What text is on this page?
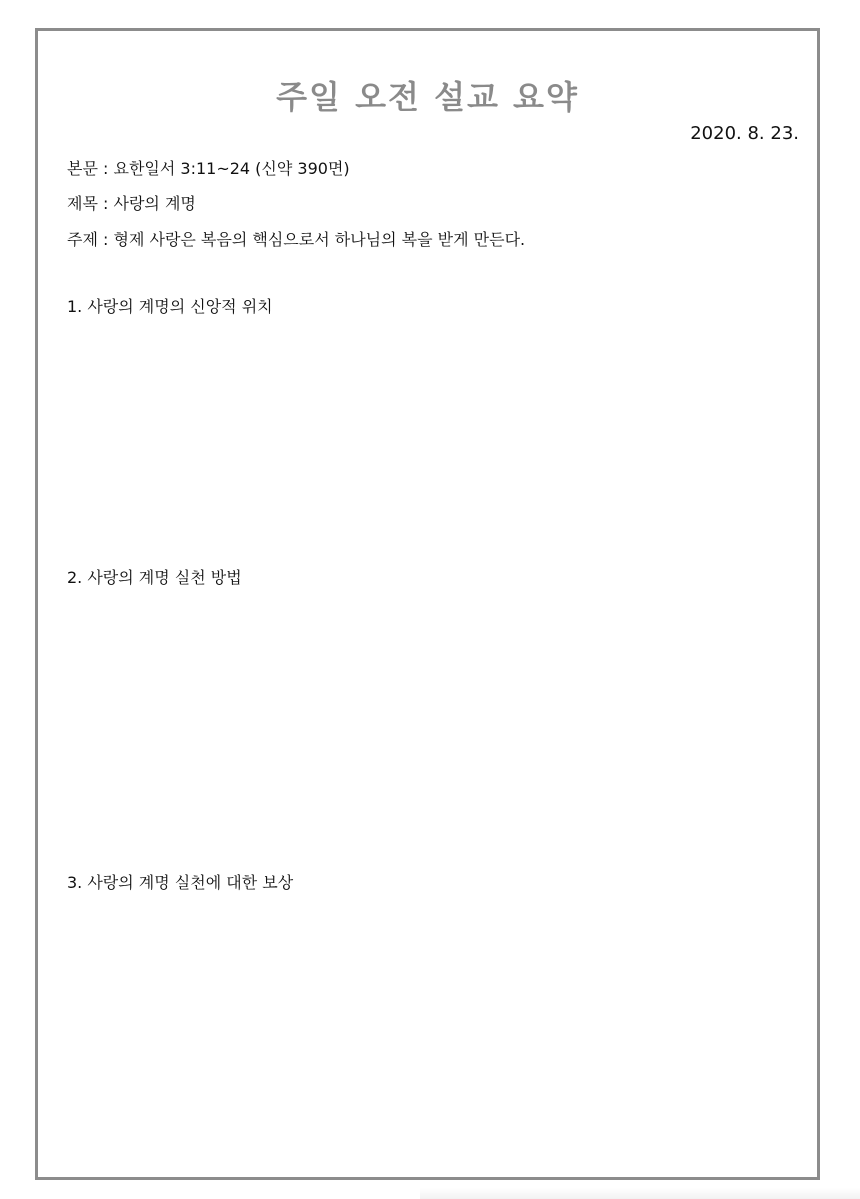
주일 오전 설교 요약
2020. 8. 23.
본문 : 요한일서 3:11~24 (신약 390면)
제목 : 사랑의 계명
주제 : 형제 사랑은 복음의 핵심으로서 하나님의 복을 받게 만든다.
1. 사랑의 계명의 신앙적 위치
2. 사랑의 계명 실천 방법
3. 사랑의 계명 실천에 대한 보상
